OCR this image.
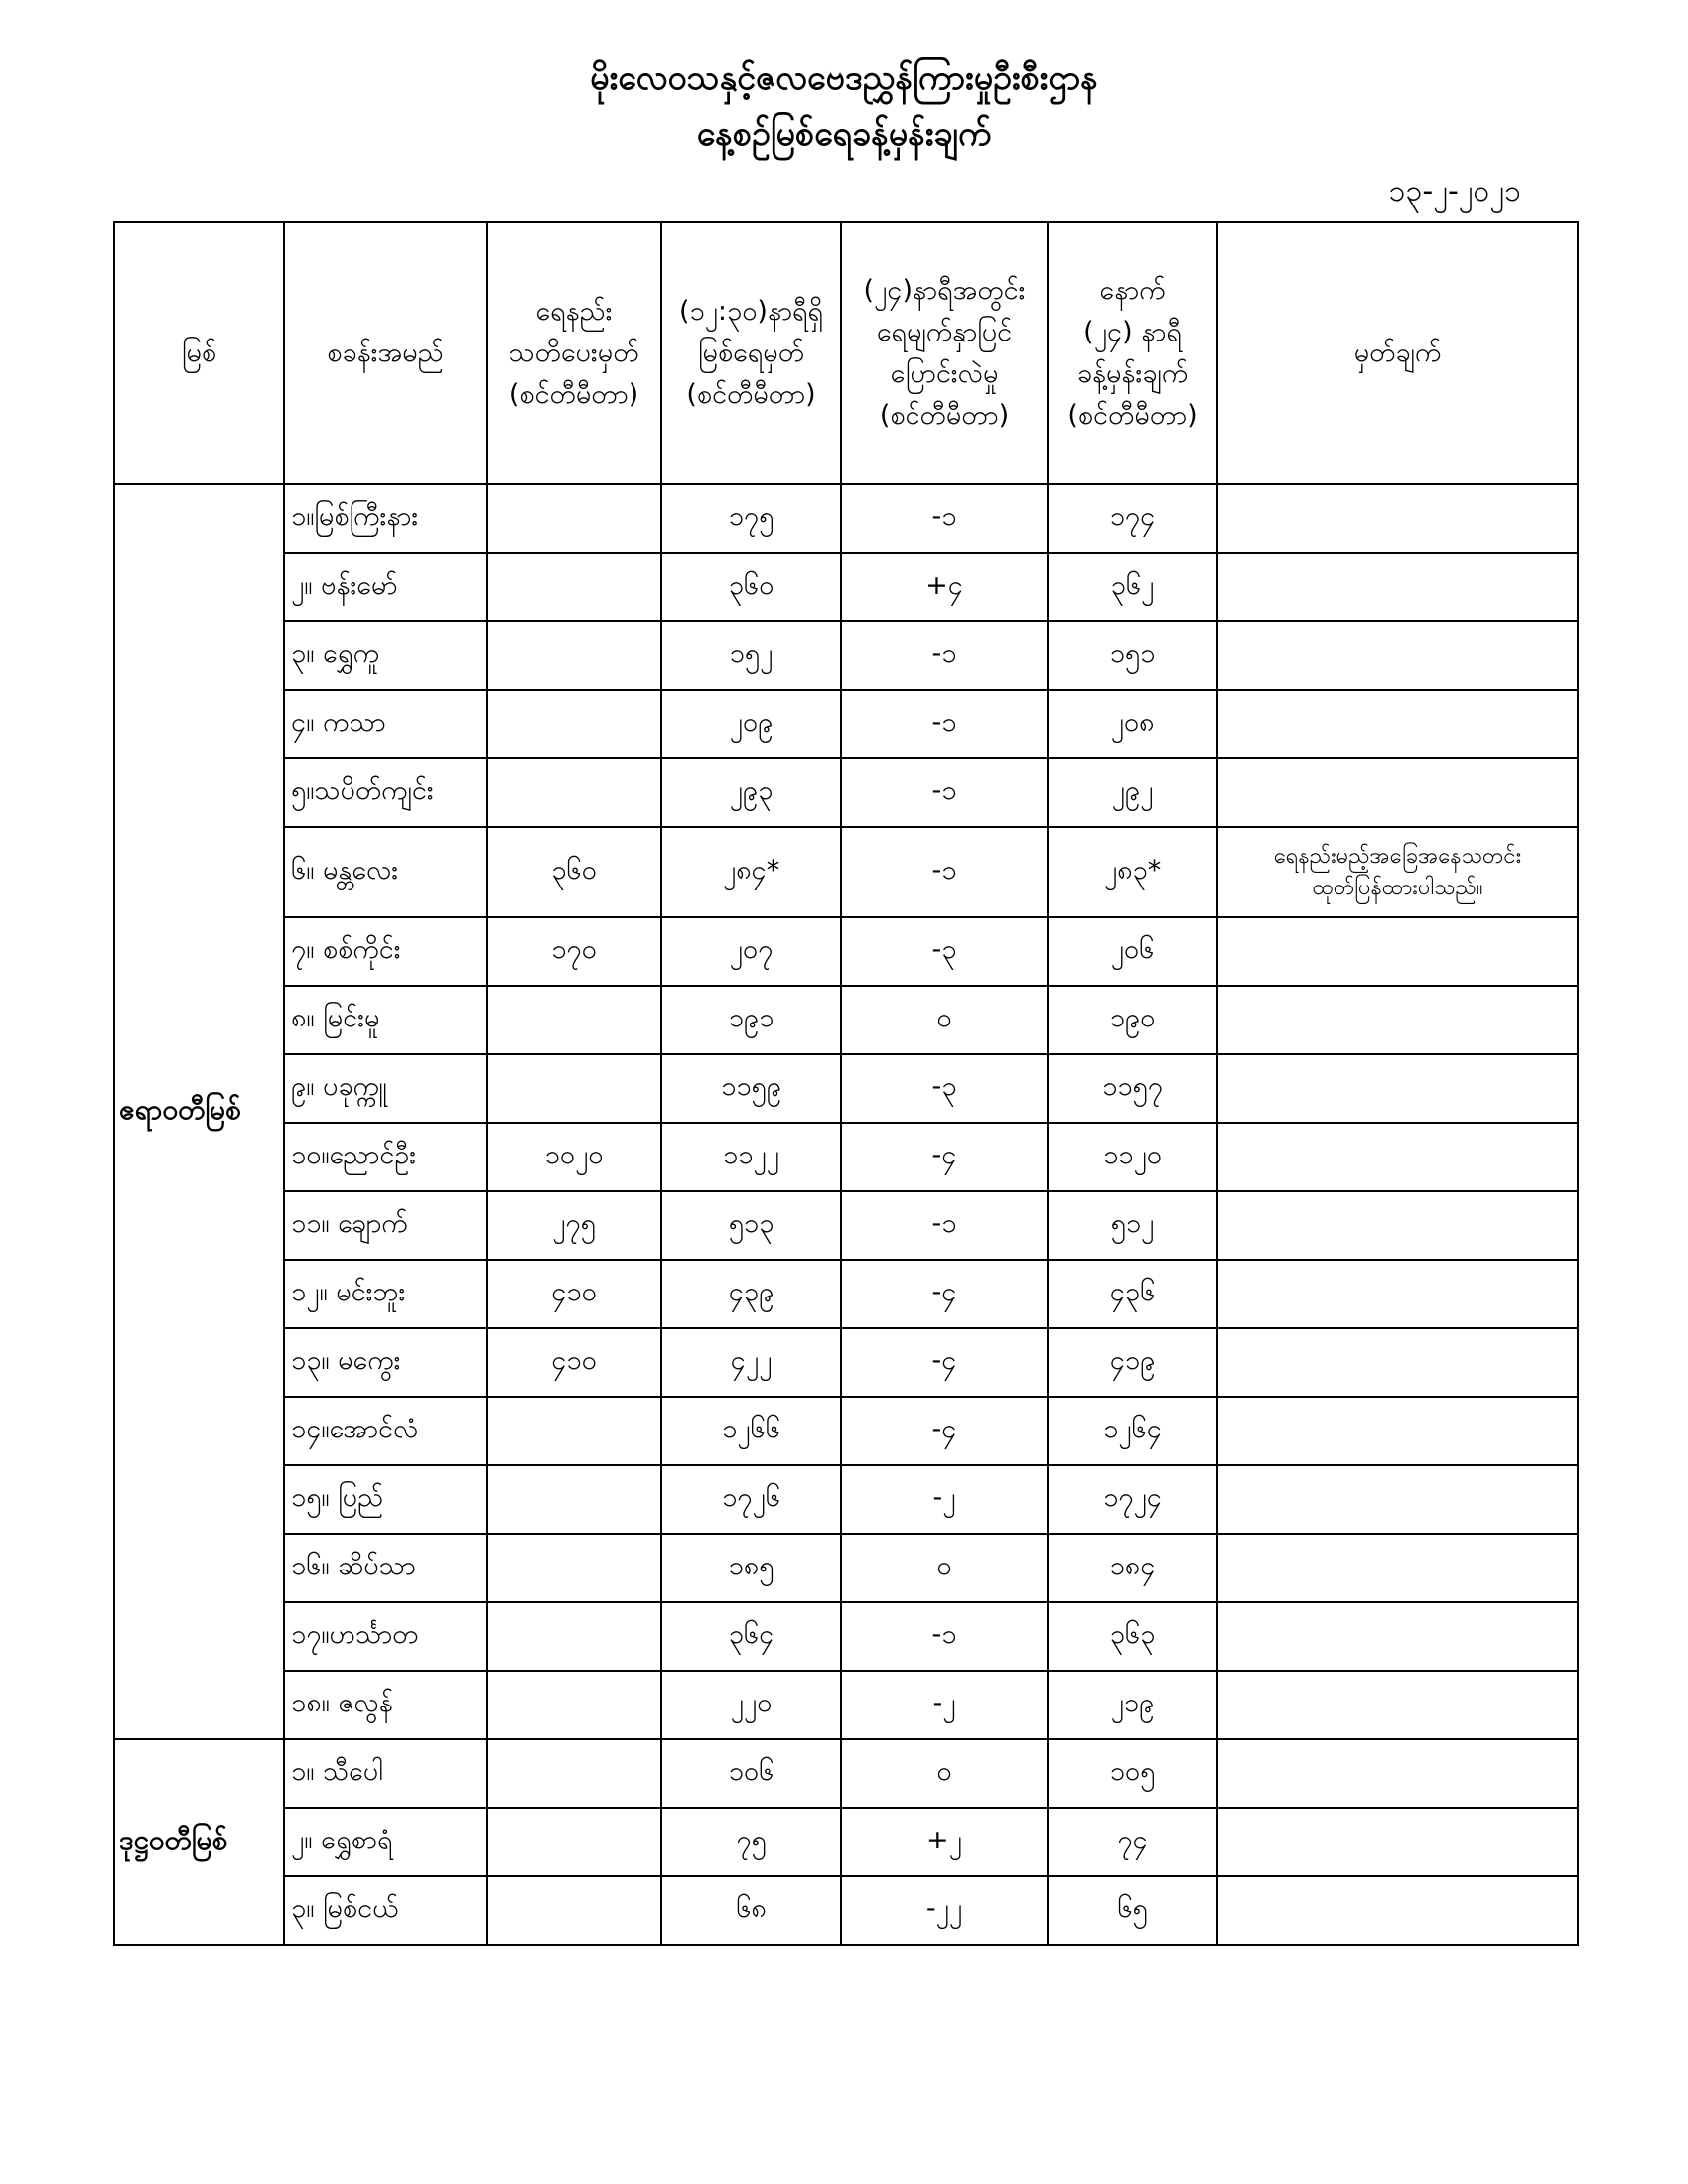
မိုးလေဝသနှင့်ဇလဗေဒညွှန်ကြားမှုဦးစီးဌာန
နေ့စဉ်မြစ်ရေခန့်မှန်းချက်
၁၃-၂-၂၀၂၁
မြစ်	စခန်းအမည်	ရေနည်း
သတိပေးမှတ်
(စင်တီမီတာ)	(၁၂:၃၀)နာရီရှိ
မြစ်ရေမှတ်
(စင်တီမီတာ)	(၂၄)နာရီအတွင်း
ရေမျက်နှာပြင်
ပြောင်းလဲမှု
(စင်တီမီတာ)	နောက်
(၂၄) နာရီ
ခန့်မှန်းချက်
(စင်တီမီတာ)	မှတ်ချက်
ဧရာဝတီမြစ်	၁။မြစ်ကြီးနား		၁၇၅	-၁	၁၇၄	
	၂။ ဗန်းမော်		၃၆၀	+၄	၃၆၂	
	၃။ ရွှေကူ		၁၅၂	-၁	၁၅၁	
	၄။ ကသာ		၂၀၉	-၁	၂၀၈	
	၅။သပိတ်ကျင်း		၂၉၃	-၁	၂၉၂	
	၆။ မန္တလေး	၃၆၀	၂၈၄*	-၁	၂၈၃*	ရေနည်းမည့်အခြေအနေသတင်း
ထုတ်ပြန်ထားပါသည်။
	၇။ စစ်ကိုင်း	၁၇၀	၂၀၇	-၃	၂၀၆	
	၈။ မြင်းမူ		၁၉၁	၀	၁၉၀	
	၉။ ပခုက္ကူ		၁၁၅၉	-၃	၁၁၅၇	
	၁၀။ညောင်ဦး	၁၀၂၀	၁၁၂၂	-၄	၁၁၂၀	
	၁၁။ ချောက်	၂၇၅	၅၁၃	-၁	၅၁၂	
	၁၂။ မင်းဘူး	၄၁၀	၄၃၉	-၄	၄၃၆	
	၁၃။ မကွေး	၄၁၀	၄၂၂	-၄	၄၁၉	
	၁၄။အောင်လံ		၁၂၆၆	-၄	၁၂၆၄	
	၁၅။ ပြည်		၁၇၂၆	-၂	၁၇၂၄	
	၁၆။ ဆိပ်သာ		၁၈၅	၀	၁၈၄	
	၁၇။ဟင်္သာတ		၃၆၄	-၁	၃၆၃	
	၁၈။ ဇလွန်		၂၂၀	-၂	၂၁၉	
ဒုဋ္ဌဝတီမြစ်	၁။ သီပေါ		၁၀၆	၀	၁၀၅	
	၂။ ရွှေစာရံ		၇၅	+၂	၇၄	
	၃။ မြစ်ငယ်		၆၈	-၂၂	၆၅	
